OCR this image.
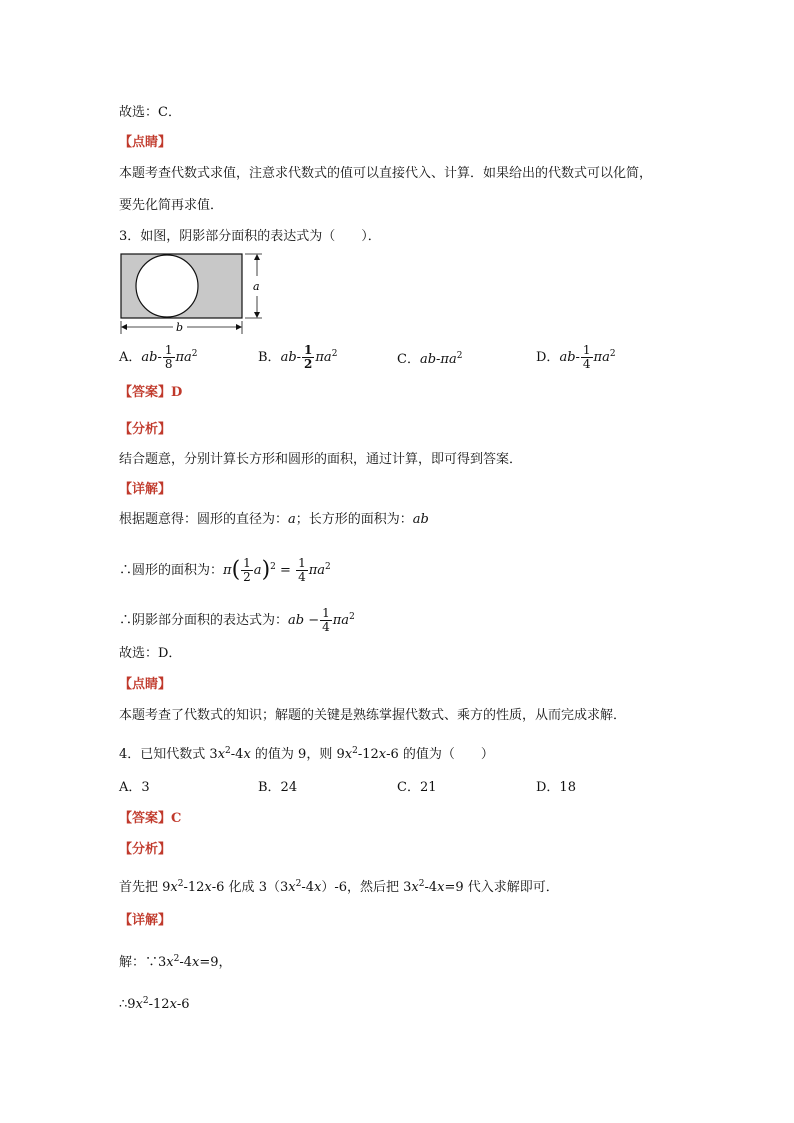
故选：C．
【点睛】
本题考查代数式求值，注意求代数式的值可以直接代入、计算．如果给出的代数式可以化简，
要先化简再求值．
3．如图，阴影部分面积的表达式为（　　）．
a
b
A．$ab- \frac{1}{8} \pi a^2$	B．$ab- \frac{1}{2} \pi a^2$	C．$ab-\pi a^2$	D．$ab- \frac{1}{4} \pi a^2$
【答案】D
【分析】
结合题意，分别计算长方形和圆形的面积，通过计算，即可得到答案．
【详解】
根据题意得：圆形的直径为：a；长方形的面积为：ab
∴圆形的面积为：$\pi( \frac{1}{2} a)^2 = \frac{1}{4} \pi a^2$
∴阴影部分面积的表达式为：ab − $\frac{1}{4} \pi a^2$
故选：D．
【点睛】
本题考查了代数式的知识；解题的关键是熟练掌握代数式、乘方的性质，从而完成求解．
4．已知代数式 $3x^2-4x$ 的值为 9，则 $9x^2-12x-6$ 的值为（　　）
A．3	B．24	C．21	D．18
【答案】C
【分析】
首先把 $9x^2-12x-6$ 化成 $3(3x^2-4x)-6$，然后把 $3x^2-4x=9$ 代入求解即可．
【详解】
解：$\because 3x^2-4x=9$，
$\therefore 9x^2-12x-6$
